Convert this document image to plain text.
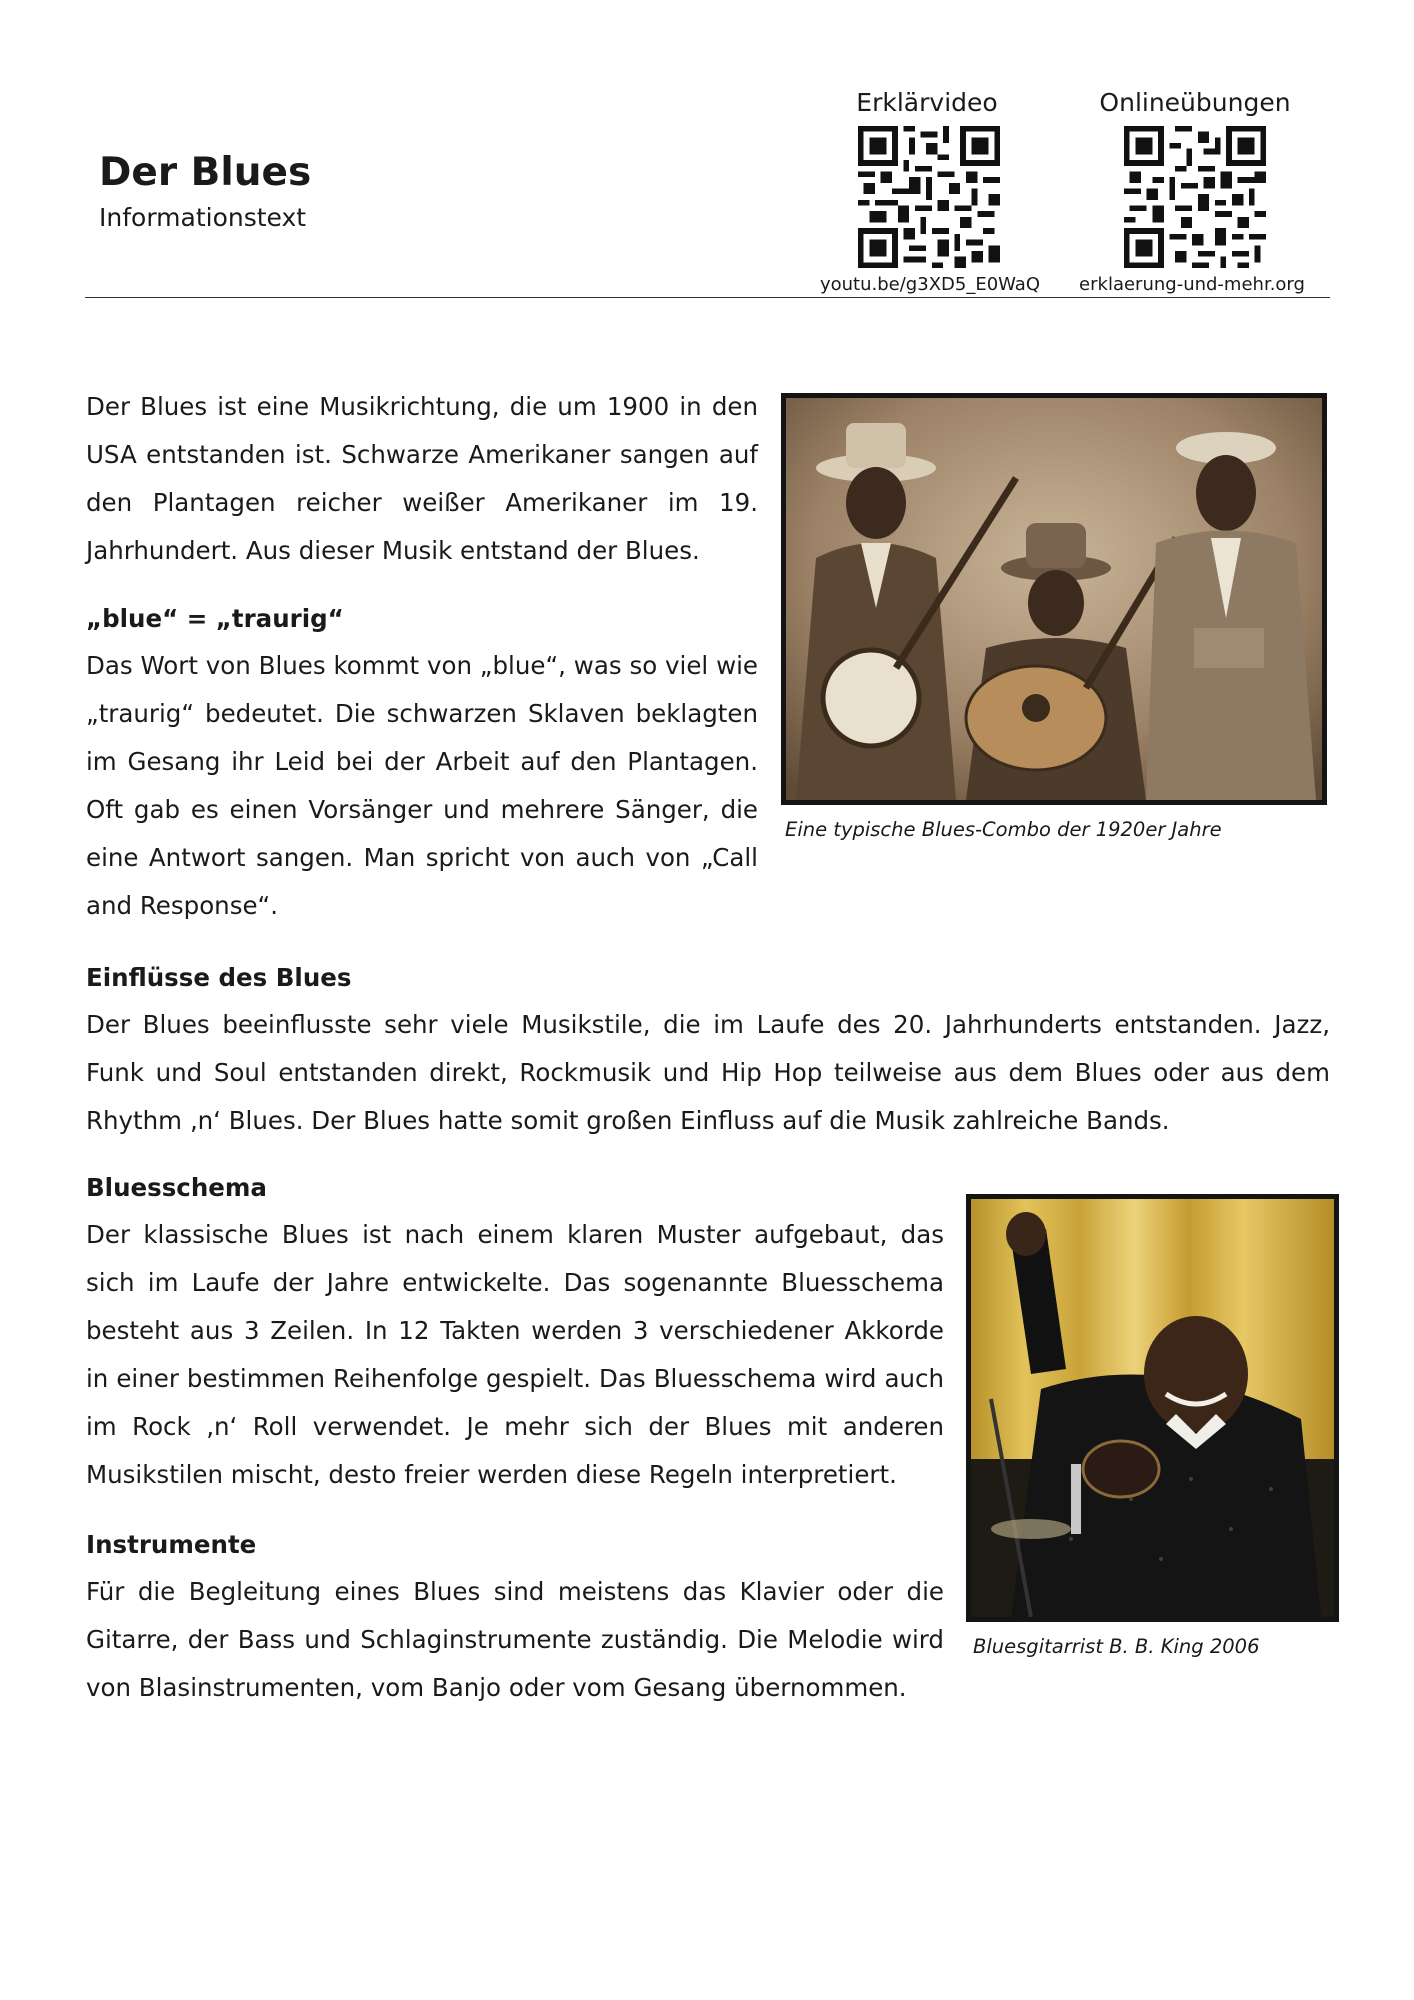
Der Blues
Informationstext
Erklärvideo
youtu.be/g3XD5_E0WaQ
Onlineübungen
erklaerung-und-mehr.org

Der Blues ist eine Musikrichtung, die um 1900 in den USA entstanden ist. Schwarze Amerikaner sangen auf den Plantagen reicher weißer Amerikaner im 19. Jahrhundert. Aus dieser Musik entstand der Blues.

„blue“ = „traurig“

Das Wort von Blues kommt von „blue“, was so viel wie „traurig“ bedeutet. Die schwarzen Sklaven beklagten im Gesang ihr Leid bei der Arbeit auf den Plantagen. Oft gab es einen Vorsänger und mehrere Sänger, die eine Antwort sangen. Man spricht von auch von „Call and Response“.

Eine typische Blues-Combo der 1920er Jahre
Einflüsse des Blues

Der Blues beeinflusste sehr viele Musikstile, die im Laufe des 20. Jahrhunderts entstanden. Jazz, Funk und Soul entstanden direkt, Rockmusik und Hip Hop teilweise aus dem Blues oder aus dem Rhythm ‚n‘ Blues. Der Blues hatte somit großen Einfluss auf die Musik zahlreiche Bands.

Bluesschema

Der klassische Blues ist nach einem klaren Muster aufgebaut, das sich im Laufe der Jahre entwickelte. Das sogenannte Bluesschema besteht aus 3 Zeilen. In 12 Takten werden 3 verschiedener Akkorde in einer bestimmen Reihenfolge gespielt. Das Bluesschema wird auch im Rock ‚n‘ Roll verwendet. Je mehr sich der Blues mit anderen Musikstilen mischt, desto freier werden diese Regeln interpretiert.

Instrumente

Für die Begleitung eines Blues sind meistens das Klavier oder die Gitarre, der Bass und Schlaginstrumente zuständig. Die Melodie wird von Blasinstrumenten, vom Banjo oder vom Gesang übernommen.

Bluesgitarrist B. B. King 2006
